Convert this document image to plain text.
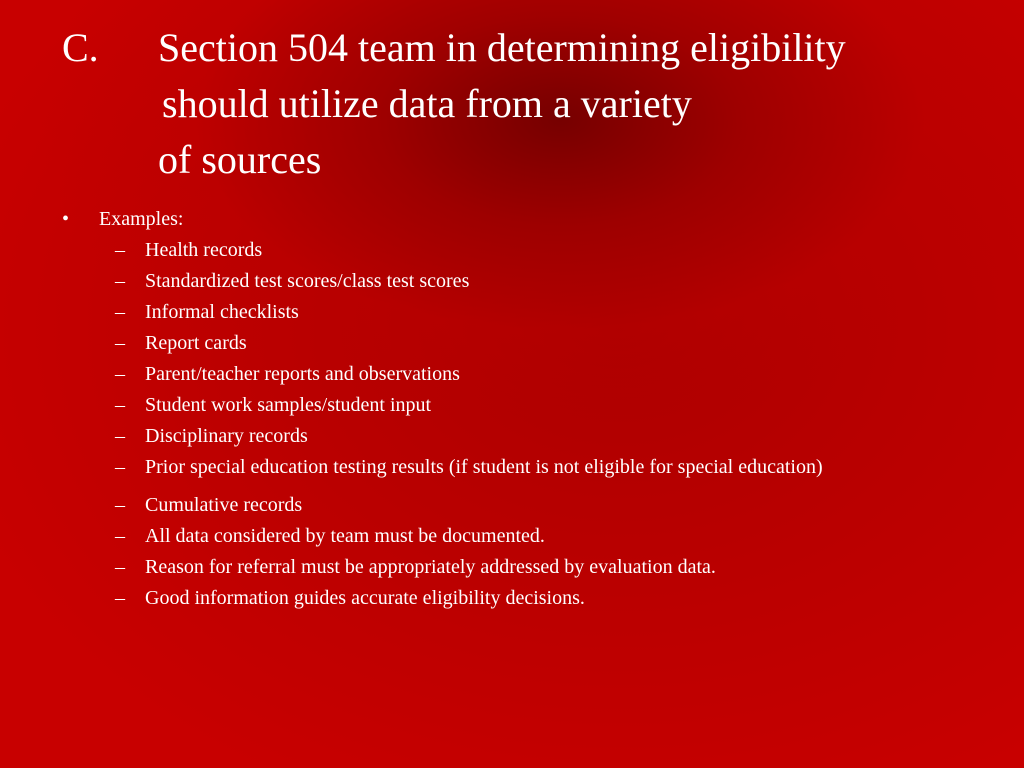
C. Section 504 team in determining eligibility
should utilize data from a variety
of sources
• Examples:
– Health records
– Standardized test scores/class test scores
– Informal checklists
– Report cards
– Parent/teacher reports and observations
– Student work samples/student input
– Disciplinary records
– Prior special education testing results (if student is not eligible for special education)
– Cumulative records
– All data considered by team must be documented.
– Reason for referral must be appropriately addressed by evaluation data.
– Good information guides accurate eligibility decisions.
